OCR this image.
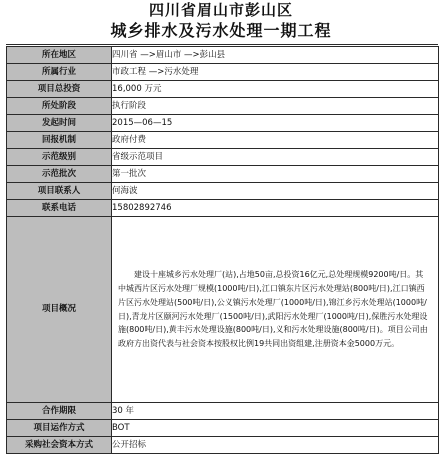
四川省眉山市彭山区
城乡排水及污水处理一期工程
所在地区	四川省 —>眉山市 —>彭山县
所属行业	市政工程 —>污水处理
项目总投资	16,000 万元
所处阶段	执行阶段
发起时间	2015—06—15
回报机制	政府付费
示范级别	省级示范项目
示范批次	第一批次
项目联系人	何海波
联系电话	15802892746
项目概况	建设十座城乡污水处理厂(站),占地50亩,总投资16亿元,总处理规模9200吨/日。其中城西片区污水处理厂规模(1000吨/日),江口镇东片区污水处理站(800吨/日),江口镇西片区污水处理站(500吨/日),公义镇污水处理厂(1000吨/日),锦江乡污水处理站(1000吨/日),青龙片区颐河污水处理厂(1500吨/日),武阳污水处理厂(1000吨/日),保胜污水处理设施(800吨/日),黄丰污水处理设施(800吨/日),义和污水处理设施(800吨/日)。项目公司由政府方出资代表与社会资本按股权比例19共同出资组建,注册资本金5000万元。

合作期限	30 年
项目运作方式	BOT
采购社会资本方式	公开招标
